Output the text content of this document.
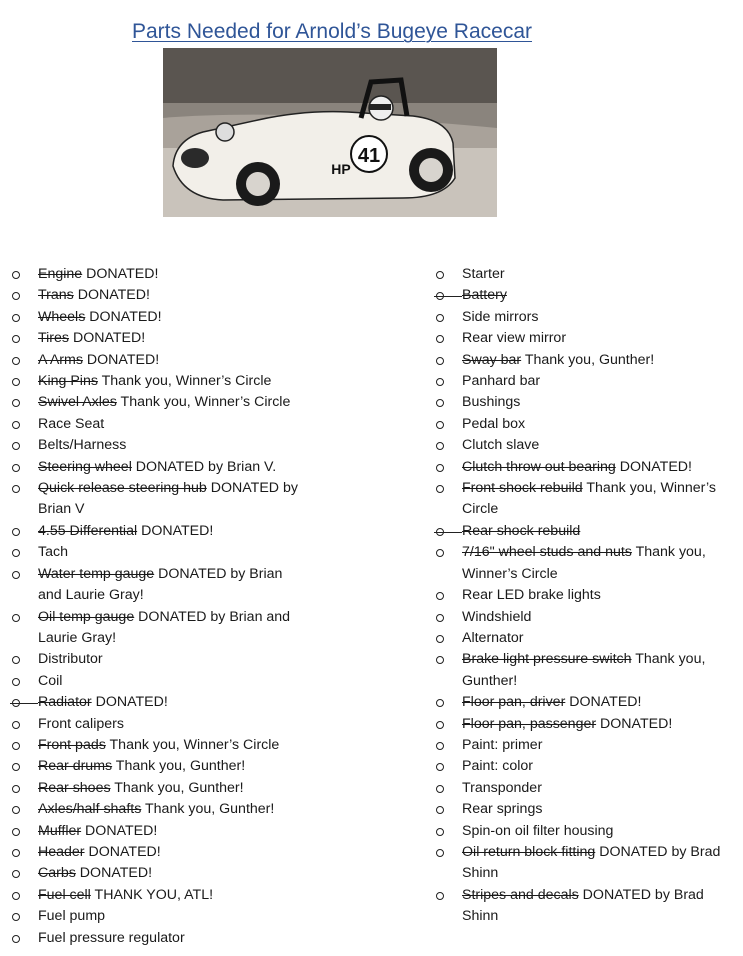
Parts Needed for Arnold’s Bugeye Racecar
41
HP
Engine DONATED!
Trans DONATED!
Wheels DONATED!
Tires DONATED!
A Arms DONATED!
King Pins Thank you, Winner’s Circle
Swivel Axles Thank you, Winner’s Circle
Race Seat
Belts/Harness
Steering wheel DONATED by Brian V.
Quick release steering hub DONATED by Brian V
4.55 Differential DONATED!
Tach
Water temp gauge DONATED by Brian and Laurie Gray!
Oil temp gauge DONATED by Brian and Laurie Gray!
Distributor
Coil
Radiator DONATED!
Front calipers
Front pads Thank you, Winner’s Circle
Rear drums Thank you, Gunther!
Rear shoes Thank you, Gunther!
Axles/half shafts Thank you, Gunther!
Muffler DONATED!
Header DONATED!
Carbs DONATED!
Fuel cell THANK YOU, ATL!
Fuel pump
Fuel pressure regulator
Starter
Battery
Side mirrors
Rear view mirror
Sway bar Thank you, Gunther!
Panhard bar
Bushings
Pedal box
Clutch slave
Clutch throw out bearing DONATED!
Front shock rebuild Thank you, Winner’s Circle
Rear shock rebuild
7/16" wheel studs and nuts Thank you, Winner’s Circle
Rear LED brake lights
Windshield
Alternator
Brake light pressure switch Thank you, Gunther!
Floor pan, driver DONATED!
Floor pan, passenger DONATED!
Paint: primer
Paint: color
Transponder
Rear springs
Spin-on oil filter housing
Oil return block fitting DONATED by Brad Shinn
Stripes and decals DONATED by Brad Shinn
